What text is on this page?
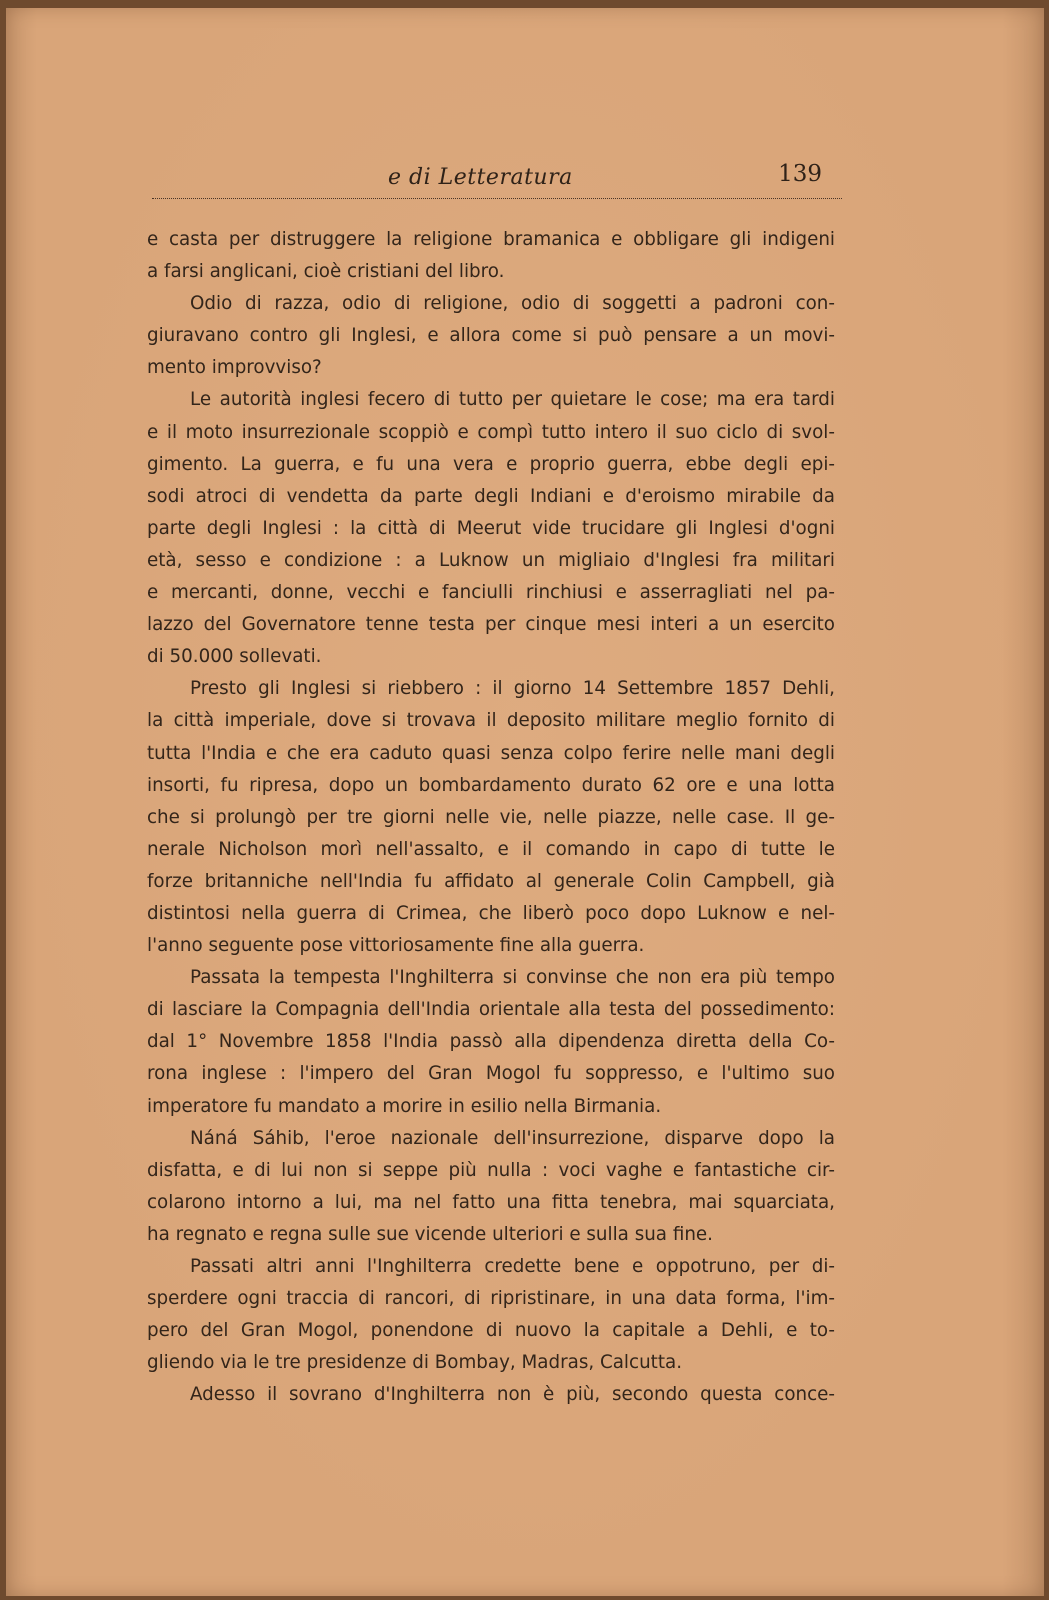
e di Letteratura	139
e casta per distruggere la religione bramanica e obbligare gli indigeni
a farsi anglicani, cioè cristiani del libro.
Odio di razza, odio di religione, odio di soggetti a padroni con-
giuravano contro gli Inglesi, e allora come si può pensare a un movi-
mento improvviso?
Le autorità inglesi fecero di tutto per quietare le cose; ma era tardi
e il moto insurrezionale scoppiò e compì tutto intero il suo ciclo di svol-
gimento. La guerra, e fu una vera e proprio guerra, ebbe degli epi-
sodi atroci di vendetta da parte degli Indiani e d'eroismo mirabile da
parte degli Inglesi : la città di Meerut vide trucidare gli Inglesi d'ogni
età, sesso e condizione : a Luknow un migliaio d'Inglesi fra militari
e mercanti, donne, vecchi e fanciulli rinchiusi e asserragliati nel pa-
lazzo del Governatore tenne testa per cinque mesi interi a un esercito
di 50.000 sollevati.
Presto gli Inglesi si riebbero : il giorno 14 Settembre 1857 Dehli,
la città imperiale, dove si trovava il deposito militare meglio fornito di
tutta l'India e che era caduto quasi senza colpo ferire nelle mani degli
insorti, fu ripresa, dopo un bombardamento durato 62 ore e una lotta
che si prolungò per tre giorni nelle vie, nelle piazze, nelle case. Il ge-
nerale Nicholson morì nell'assalto, e il comando in capo di tutte le
forze britanniche nell'India fu affidato al generale Colin Campbell, già
distintosi nella guerra di Crimea, che liberò poco dopo Luknow e nel-
l'anno seguente pose vittoriosamente fine alla guerra.
Passata la tempesta l'Inghilterra si convinse che non era più tempo
di lasciare la Compagnia dell'India orientale alla testa del possedimento:
dal 1° Novembre 1858 l'India passò alla dipendenza diretta della Co-
rona inglese : l'impero del Gran Mogol fu soppresso, e l'ultimo suo
imperatore fu mandato a morire in esilio nella Birmania.
Náná Sáhib, l'eroe nazionale dell'insurrezione, disparve dopo la
disfatta, e di lui non si seppe più nulla : voci vaghe e fantastiche cir-
colarono intorno a lui, ma nel fatto una fitta tenebra, mai squarciata,
ha regnato e regna sulle sue vicende ulteriori e sulla sua fine.
Passati altri anni l'Inghilterra credette bene e oppotruno, per di-
sperdere ogni traccia di rancori, di ripristinare, in una data forma, l'im-
pero del Gran Mogol, ponendone di nuovo la capitale a Dehli, e to-
gliendo via le tre presidenze di Bombay, Madras, Calcutta.
Adesso il sovrano d'Inghilterra non è più, secondo questa conce-
